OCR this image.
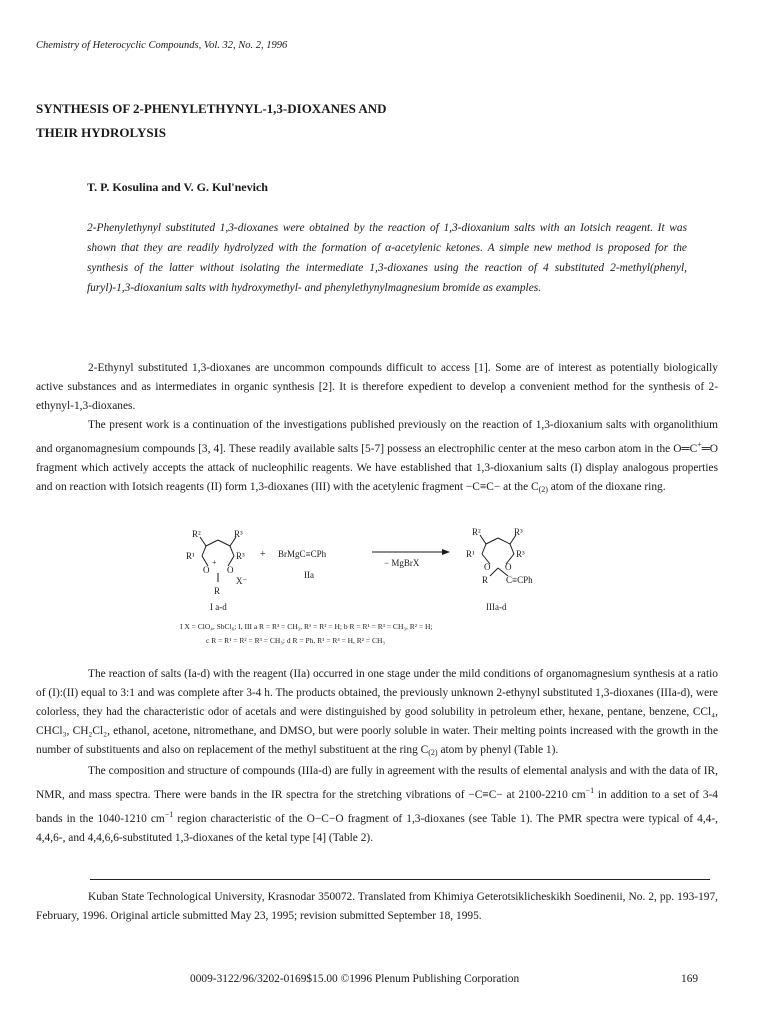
Chemistry of Heterocyclic Compounds, Vol. 32, No. 2, 1996
SYNTHESIS OF 2-PHENYLETHYNYL-1,3-DIOXANES AND
THEIR HYDROLYSIS
T. P. Kosulina and V. G. Kul'nevich
2-Phenylethynyl substituted 1,3-dioxanes were obtained by the reaction of 1,3-dioxanium salts with an Iotsich reagent. It was shown that they are readily hydrolyzed with the formation of α-acetylenic ketones. A simple new method is proposed for the synthesis of the latter without isolating the intermediate 1,3-dioxanes using the reaction of 4 substituted 2-methyl(phenyl, furyl)-1,3-dioxanium salts with hydroxymethyl- and phenylethynylmagnesium bromide as examples.

2-Ethynyl substituted 1,3-dioxanes are uncommon compounds difficult to access [1]. Some are of interest as potentially biologically active substances and as intermediates in organic synthesis [2]. It is therefore expedient to develop a convenient method for the synthesis of 2-ethynyl-1,3-dioxanes.

The present work is a continuation of the investigations published previously on the reaction of 1,3-dioxanium salts with organolithium and organomagnesium compounds [3, 4]. These readily available salts [5-7] possess an electrophilic center at the meso carbon atom in the O═C+═O fragment which actively accepts the attack of nucleophilic reagents. We have established that 1,3-dioxanium salts (I) display analogous properties and on reaction with Iotsich reagents (II) form 1,3-dioxanes (III) with the acetylenic fragment −C≡C− at the $C_{(2)}$ atom of the dioxane ring.

R²	R³
R¹	R³
O O
+
X⁻
R
+ BrMgC≡CPh
IIa
− MgBrX
R²	R³
R¹	R³
O O
R C≡CPh
I a-d	IIIa-d
I X = ClO₄, SbCl₆; I, III a R = R³ = CH₃, R¹ = R² = H; b R = R¹ = R³ = CH₃, R² = H;
c R = R¹ = R² = R³ = CH₃; d R = Ph, R¹ = R³ = H, R² = CH₃

The reaction of salts (Ia-d) with the reagent (IIa) occurred in one stage under the mild conditions of organomagnesium synthesis at a ratio of (I):(II) equal to 3:1 and was complete after 3-4 h. The products obtained, the previously unknown 2-ethynyl substituted 1,3-dioxanes (IIIa-d), were colorless, they had the characteristic odor of acetals and were distinguished by good solubility in petroleum ether, hexane, pentane, benzene, CCl₄, CHCl₃, CH₂Cl₂, ethanol, acetone, nitromethane, and DMSO, but were poorly soluble in water. Their melting points increased with the growth in the number of substituents and also on replacement of the methyl substituent at the ring $C_{(2)}$ atom by phenyl (Table 1).

The composition and structure of compounds (IIIa-d) are fully in agreement with the results of elemental analysis and with the data of IR, NMR, and mass spectra. There were bands in the IR spectra for the stretching vibrations of −C≡C− at 2100-2210 $cm^{-1}$ in addition to a set of 3-4 bands in the 1040-1210 $cm^{-1}$ region characteristic of the O−C−O fragment of 1,3-dioxanes (see Table 1). The PMR spectra were typical of 4,4-, 4,4,6-, and 4,4,6,6-substituted 1,3-dioxanes of the ketal type [4] (Table 2).

Kuban State Technological University, Krasnodar 350072. Translated from Khimiya Geterotsiklicheskikh Soedinenii, No. 2, pp. 193-197, February, 1996. Original article submitted May 23, 1995; revision submitted September 18, 1995.

0009-3122/96/3202-0169$15.00 ©1996 Plenum Publishing Corporation	169
